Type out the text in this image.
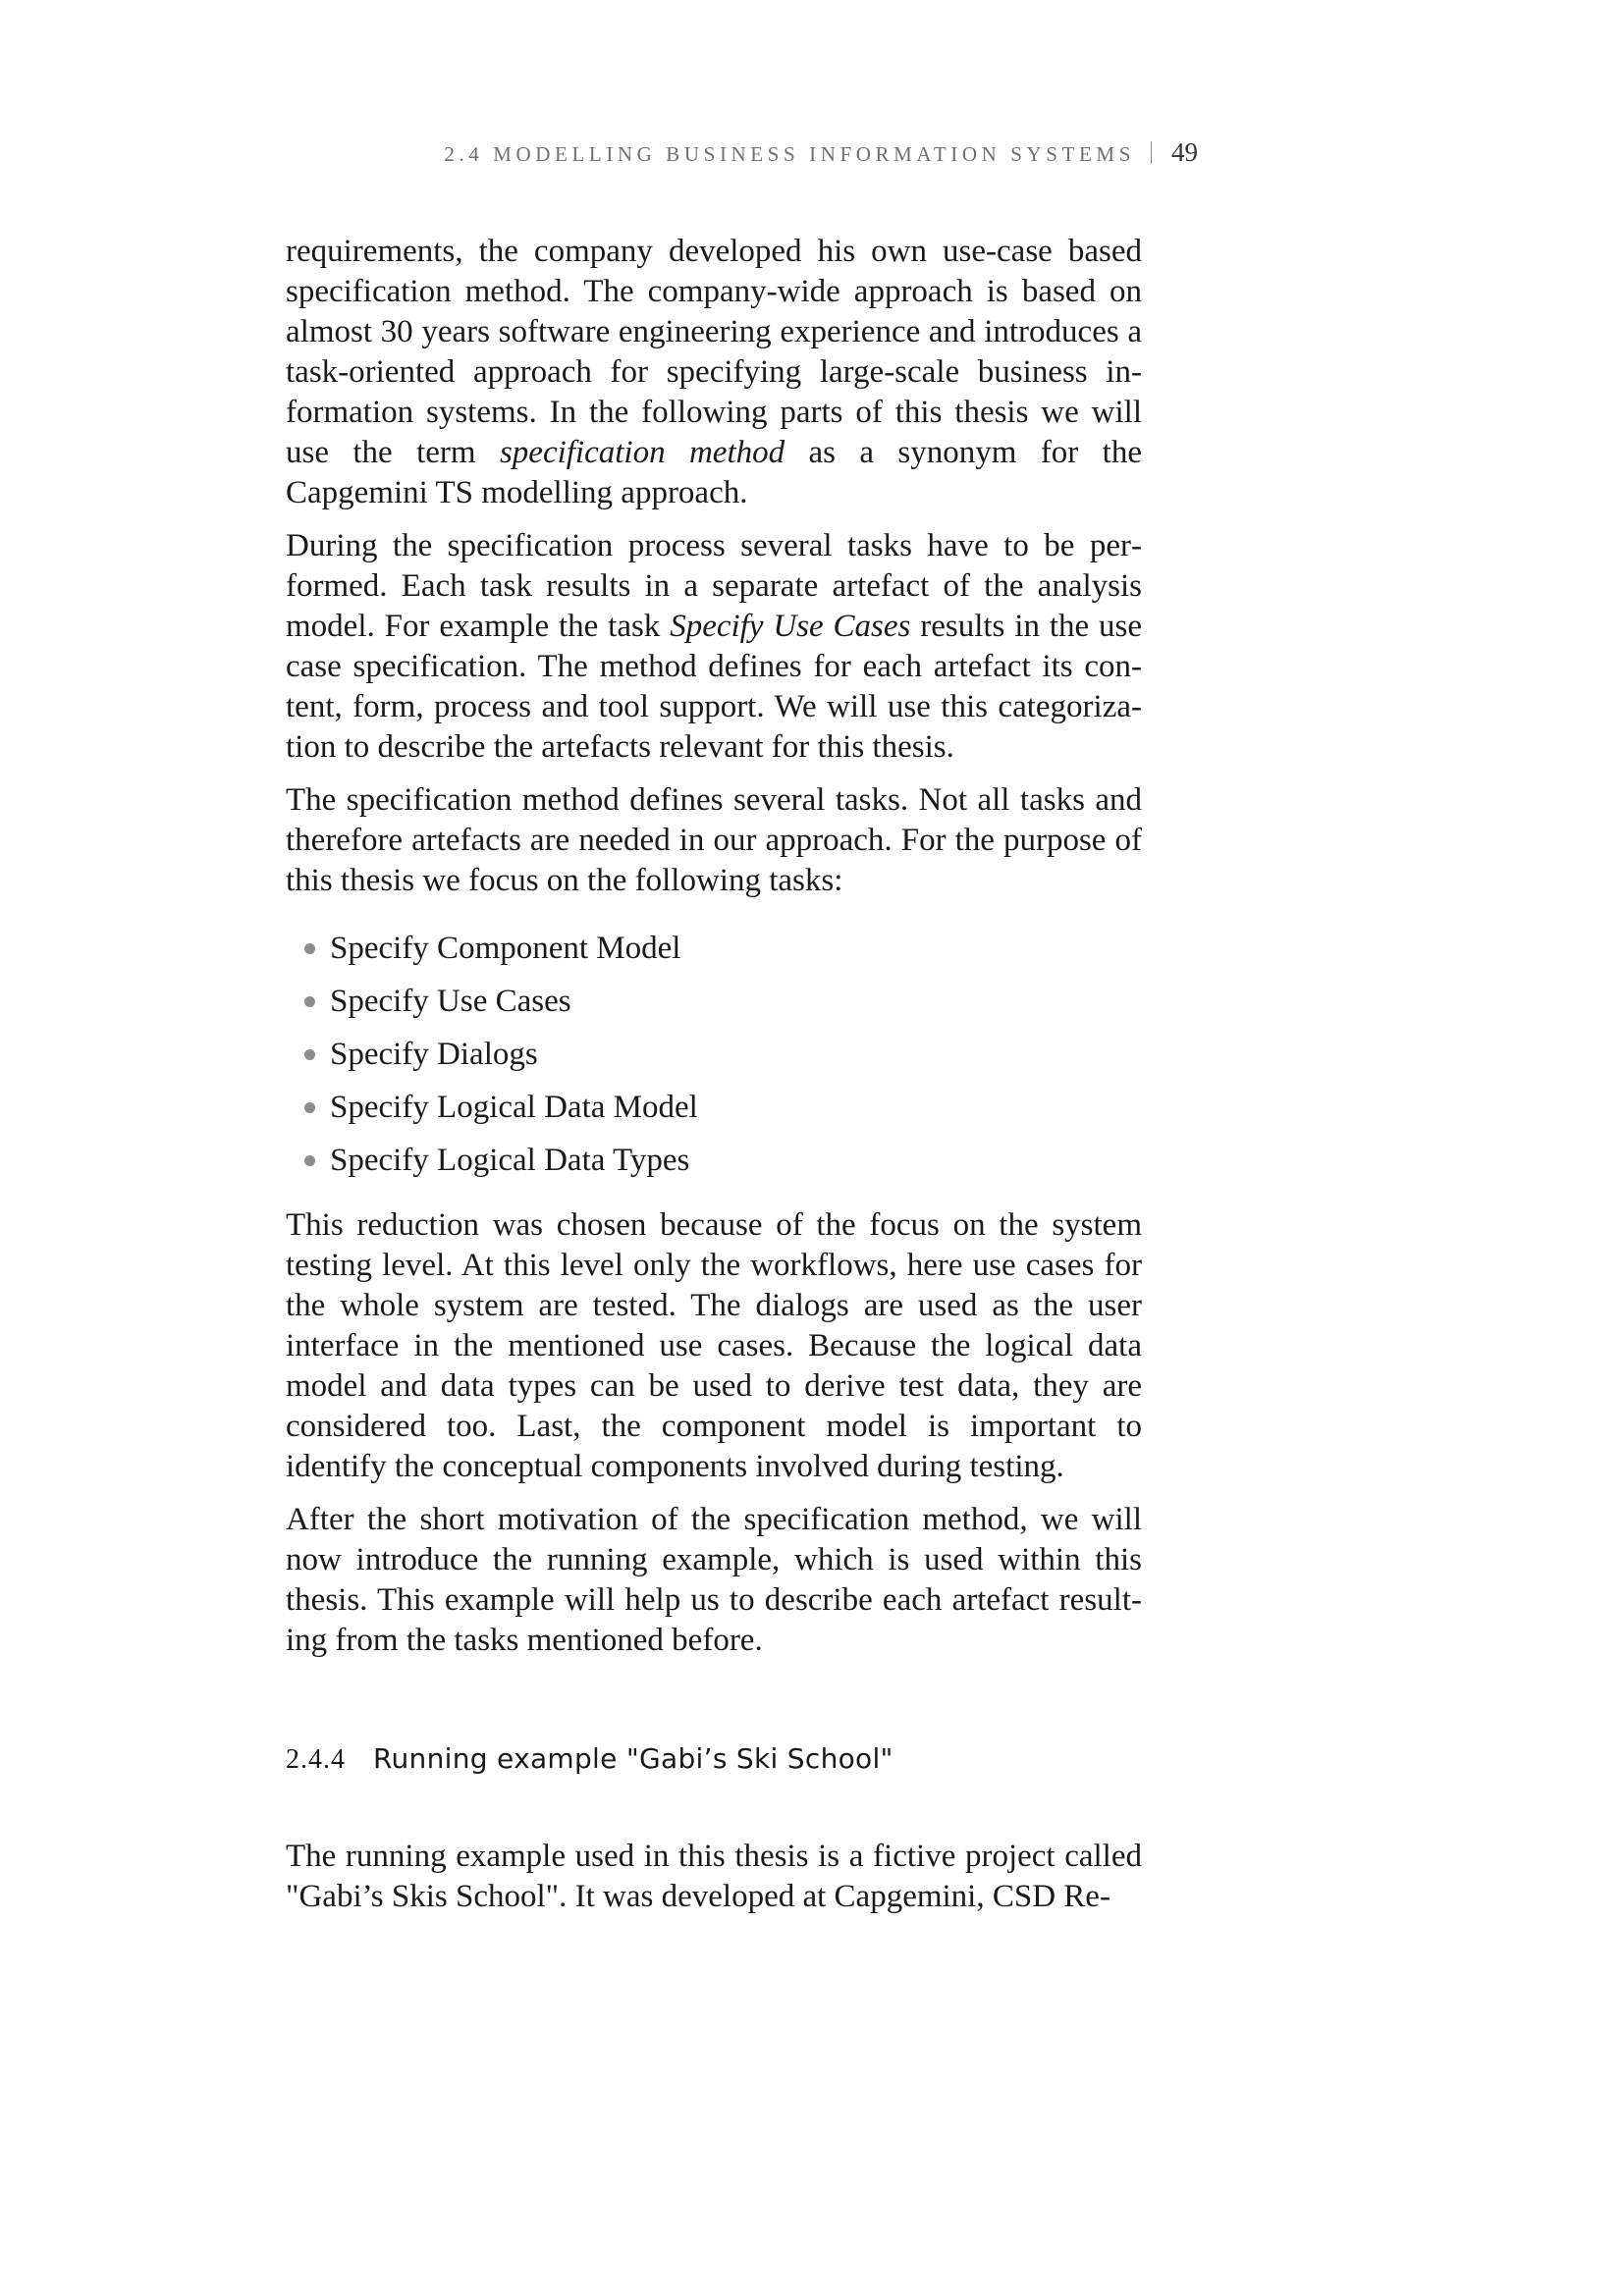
2.4 MODELLING BUSINESS INFORMATION SYSTEMS 49

requirements, the company developed his own use-case based specification method. The company-wide approach is based on almost 30 years software engineering experience and introduces a task-oriented approach for specifying large-scale business information systems. In the following parts of this thesis we will use the term specification method as a synonym for the Capgemini TS modelling approach.

During the specification process several tasks have to be performed. Each task results in a separate artefact of the analysis model. For example the task Specify Use Cases results in the use case specification. The method defines for each artefact its content, form, process and tool support. We will use this categorization to describe the artefacts relevant for this thesis.

The specification method defines several tasks. Not all tasks and therefore artefacts are needed in our approach. For the purpose of this thesis we focus on the following tasks:

Specify Component Model
Specify Use Cases
Specify Dialogs
Specify Logical Data Model
Specify Logical Data Types

This reduction was chosen because of the focus on the system testing level. At this level only the workflows, here use cases for the whole system are tested. The dialogs are used as the user interface in the mentioned use cases. Because the logical data model and data types can be used to derive test data, they are considered too. Last, the component model is important to identify the conceptual components involved during testing.

After the short motivation of the specification method, we will now introduce the running example, which is used within this thesis. This example will help us to describe each artefact resulting from the tasks mentioned before.

2.4.4 Running example "Gabi’s Ski School"

The running example used in this thesis is a fictive project called "Gabi’s Skis School". It was developed at Capgemini, CSD Re-
